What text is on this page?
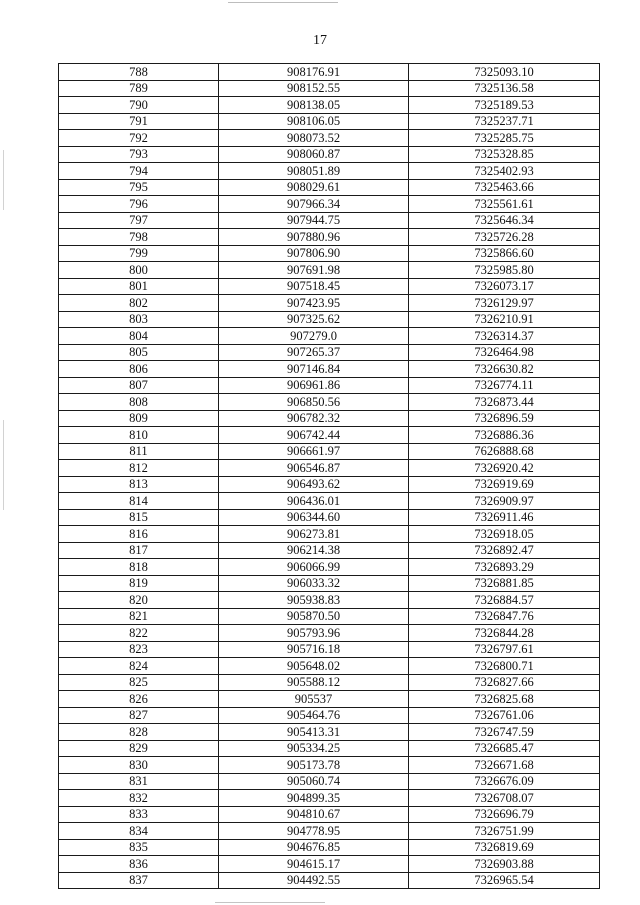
17
788	908176.91	7325093.10
789	908152.55	7325136.58
790	908138.05	7325189.53
791	908106.05	7325237.71
792	908073.52	7325285.75
793	908060.87	7325328.85
794	908051.89	7325402.93
795	908029.61	7325463.66
796	907966.34	7325561.61
797	907944.75	7325646.34
798	907880.96	7325726.28
799	907806.90	7325866.60
800	907691.98	7325985.80
801	907518.45	7326073.17
802	907423.95	7326129.97
803	907325.62	7326210.91
804	907279.0	7326314.37
805	907265.37	7326464.98
806	907146.84	7326630.82
807	906961.86	7326774.11
808	906850.56	7326873.44
809	906782.32	7326896.59
810	906742.44	7326886.36
811	906661.97	7626888.68
812	906546.87	7326920.42
813	906493.62	7326919.69
814	906436.01	7326909.97
815	906344.60	7326911.46
816	906273.81	7326918.05
817	906214.38	7326892.47
818	906066.99	7326893.29
819	906033.32	7326881.85
820	905938.83	7326884.57
821	905870.50	7326847.76
822	905793.96	7326844.28
823	905716.18	7326797.61
824	905648.02	7326800.71
825	905588.12	7326827.66
826	905537	7326825.68
827	905464.76	7326761.06
828	905413.31	7326747.59
829	905334.25	7326685.47
830	905173.78	7326671.68
831	905060.74	7326676.09
832	904899.35	7326708.07
833	904810.67	7326696.79
834	904778.95	7326751.99
835	904676.85	7326819.69
836	904615.17	7326903.88
837	904492.55	7326965.54
